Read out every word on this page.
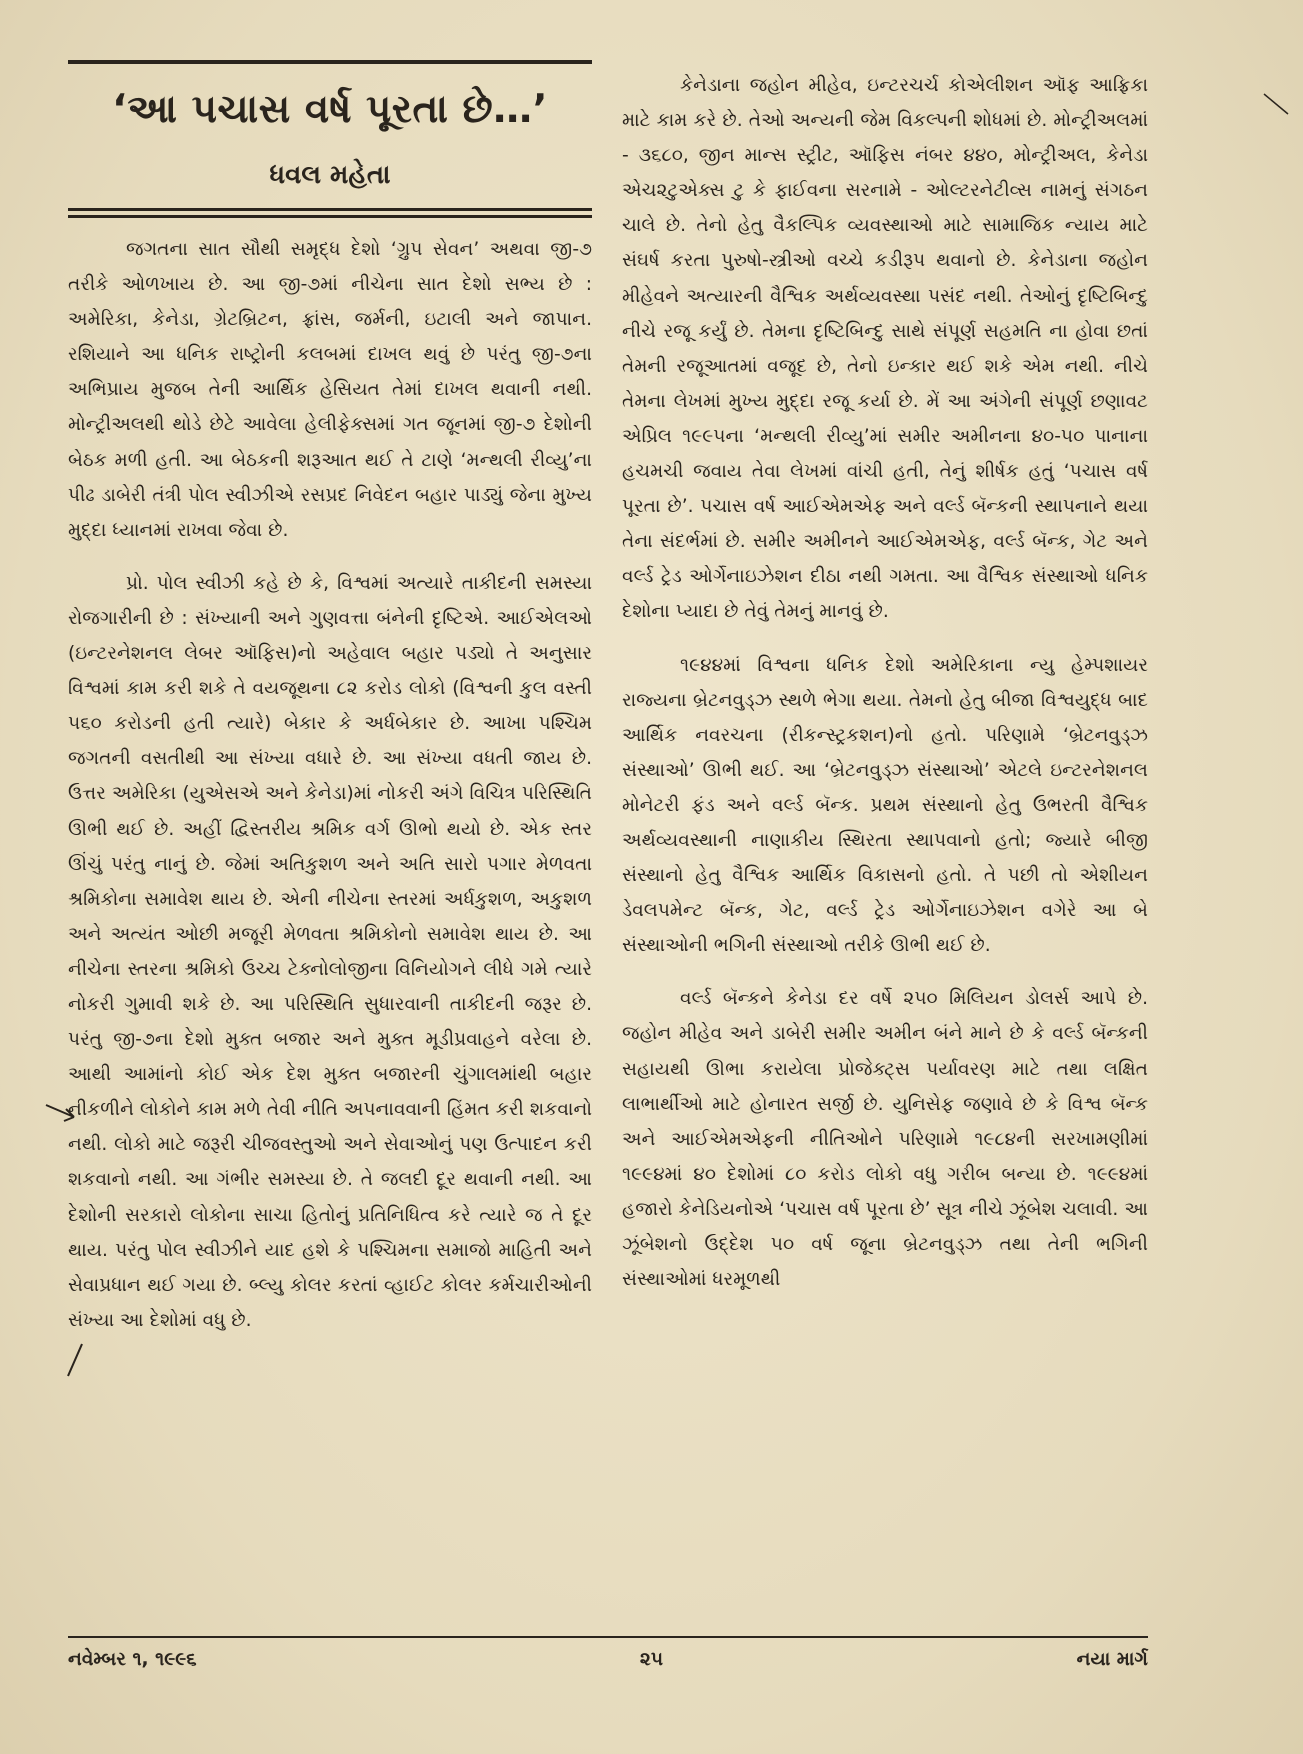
‘આ પચાસ વર્ષ પૂરતા છે…’
ધવલ મહેતા

જગતના સાત સૌથી સમૃદ્ધ દેશો ‘ગ્રુપ સેવન’ અથવા જી-૭ તરીકે ઓળખાય છે. આ જી-૭માં નીચેના સાત દેશો સભ્ય છે : અમેરિકા, કેનેડા, ગ્રેટબ્રિટન, ફ્રાંસ, જર્મની, ઇટાલી અને જાપાન. રશિયાને આ ધનિક રાષ્ટ્રોની કલબમાં દાખલ થવું છે પરંતુ જી-૭ના અભિપ્રાય મુજબ તેની આર્થિક હેસિયત તેમાં દાખલ થવાની નથી. મોન્ટ્રીઅલથી થોડે છેટે આવેલા હેલીફેક્સમાં ગત જૂનમાં જી-૭ દેશોની બેઠક મળી હતી. આ બેઠકની શરૂઆત થઈ તે ટાણે ‘મન્થલી રીવ્યુ’ના પીઢ ડાબેરી તંત્રી પોલ સ્વીઝીએ રસપ્રદ નિવેદન બહાર પાડ્યું જેના મુખ્ય મુદ્દા ધ્યાનમાં રાખવા જેવા છે.

પ્રો. પોલ સ્વીઝી કહે છે કે, વિશ્વમાં અત્યારે તાકીદની સમસ્યા રોજગારીની છે : સંખ્યાની અને ગુણવત્તા બંનેની દૃષ્ટિએ. આઈએલઓ (ઇન્ટરનેશનલ લેબર ઑફિસ)નો અહેવાલ બહાર પડ્યો તે અનુસાર વિશ્વમાં કામ કરી શકે તે વયજૂથના ૮૨ કરોડ લોકો (વિશ્વની કુલ વસ્તી ૫૬૦ કરોડની હતી ત્યારે) બેકાર કે અર્ધબેકાર છે. આખા પશ્ચિમ જગતની વસતીથી આ સંખ્યા વધારે છે. આ સંખ્યા વધતી જાય છે. ઉત્તર અમેરિકા (યુએસએ અને કેનેડા)માં નોકરી અંગે વિચિત્ર પરિસ્થિતિ ઊભી થઈ છે. અહીં દ્વિસ્તરીય શ્રમિક વર્ગ ઊભો થયો છે. એક સ્તર ઊંચું પરંતુ નાનું છે. જેમાં અતિકુશળ અને અતિ સારો પગાર મેળવતા શ્રમિકોના સમાવેશ થાય છે. એની નીચેના સ્તરમાં અર્ધકુશળ, અકુશળ અને અત્યંત ઓછી મજૂરી મેળવતા શ્રમિકોનો સમાવેશ થાય છે. આ નીચેના સ્તરના શ્રમિકો ઉચ્ચ ટેક્નોલોજીના વિનિયોગને લીધે ગમે ત્યારે નોકરી ગુમાવી શકે છે. આ પરિસ્થિતિ સુધારવાની તાકીદની જરૂર છે. પરંતુ જી-૭ના દેશો મુક્ત બજાર અને મુક્ત મૂડીપ્રવાહને વરેલા છે. આથી આમાંનો કોઈ એક દેશ મુક્ત બજારની ચુંગાલમાંથી બહાર નીકળીને લોકોને કામ મળે તેવી નીતિ અપનાવવાની હિંમત કરી શકવાનો નથી. લોકો માટે જરૂરી ચીજવસ્તુઓ અને સેવાઓનું પણ ઉત્પાદન કરી શકવાનો નથી. આ ગંભીર સમસ્યા છે. તે જલદી દૂર થવાની નથી. આ દેશોની સરકારો લોકોના સાચા હિતોનું પ્રતિનિધિત્વ કરે ત્યારે જ તે દૂર થાય. પરંતુ પોલ સ્વીઝીને યાદ હશે કે પશ્ચિમના સમાજો માહિતી અને સેવાપ્રધાન થઈ ગયા છે. બ્લ્યુ કોલર કરતાં વ્હાઈટ કોલર કર્મચારીઓની સંખ્યા આ દેશોમાં વધુ છે.

કેનેડાના જહોન મીહેવ, ઇન્ટરચર્ચ કોએલીશન ઑફ આફ્રિકા માટે કામ કરે છે. તેઓ અન્યની જેમ વિકલ્પની શોધમાં છે. મોન્ટ્રીઅલમાં - ૩૬૮૦, જીન માન્સ સ્ટ્રીટ, ઑફિસ નંબર ૪૪૦, મોન્ટ્રીઅલ, કેનેડા એચ૨ટુએક્સ ટુ કે ફાઈવના સરનામે - ઓલ્ટરનેટીવ્સ નામનું સંગઠન ચાલે છે. તેનો હેતુ વૈકલ્પિક વ્યવસ્થાઓ માટે સામાજિક ન્યાય માટે સંઘર્ષ કરતા પુરુષો-સ્ત્રીઓ વચ્ચે કડીરૂપ થવાનો છે. કેનેડાના જહોન મીહેવને અત્યારની વૈશ્વિક અર્થવ્યવસ્થા પસંદ નથી. તેઓનું દૃષ્ટિબિન્દુ નીચે રજૂ કર્યું છે. તેમના દૃષ્ટિબિન્દુ સાથે સંપૂર્ણ સહમતિ ના હોવા છતાં તેમની રજૂઆતમાં વજૂદ છે, તેનો ઇન્કાર થઈ શકે એમ નથી. નીચે તેમના લેખમાં મુખ્ય મુદ્દા રજૂ કર્યા છે. મેં આ અંગેની સંપૂર્ણ છણાવટ એપ્રિલ ૧૯૯૫ના ‘મન્થલી રીવ્યુ’માં સમીર અમીનના ૪૦-૫૦ પાનાના હચમચી જવાય તેવા લેખમાં વાંચી હતી, તેનું શીર્ષક હતું ‘પચાસ વર્ષ પૂરતા છે’. પચાસ વર્ષ આઈએમએફ અને વર્લ્ડ બૅન્કની સ્થાપનાને થયા તેના સંદર્ભમાં છે. સમીર અમીનને આઈએમએફ, વર્લ્ડ બૅન્ક, ગેટ અને વર્લ્ડ ટ્રેડ ઓર્ગેનાઇઝેશન દીઠા નથી ગમતા. આ વૈશ્વિક સંસ્થાઓ ધનિક દેશોના પ્યાદા છે તેવું તેમનું માનવું છે.

૧૯૪૪માં વિશ્વના ધનિક દેશો અમેરિકાના ન્યુ હેમ્પશાયર રાજ્યના બ્રેટનવુડ્ઝ સ્થળે ભેગા થયા. તેમનો હેતુ બીજા વિશ્વયુદ્ધ બાદ આર્થિક નવરચના (રીકન્સ્ટ્રકશન)નો હતો. પરિણામે ‘બ્રેટનવુડ્ઝ સંસ્થાઓ’ ઊભી થઈ. આ ‘બ્રેટનવુડ્ઝ સંસ્થાઓ’ એટલે ઇન્ટરનેશનલ મોનેટરી ફંડ અને વર્લ્ડ બૅન્ક. પ્રથમ સંસ્થાનો હેતુ ઉભરતી વૈશ્વિક અર્થવ્યવસ્થાની નાણાકીય સ્થિરતા સ્થાપવાનો હતો; જ્યારે બીજી સંસ્થાનો હેતુ વૈશ્વિક આર્થિક વિકાસનો હતો. તે પછી તો એશીયન ડેવલપમેન્ટ બૅન્ક, ગેટ, વર્લ્ડ ટ્રેડ ઓર્ગેનાઇઝેશન વગેરે આ બે સંસ્થાઓની ભગિની સંસ્થાઓ તરીકે ઊભી થઈ છે.

વર્લ્ડ બૅન્કને કેનેડા દર વર્ષે ૨૫૦ મિલિયન ડોલર્સ આપે છે. જહોન મીહેવ અને ડાબેરી સમીર અમીન બંને માને છે કે વર્લ્ડ બૅન્કની સહાયથી ઊભા કરાયેલા પ્રોજેક્ટ્સ પર્યાવરણ માટે તથા લક્ષિત લાભાર્થીઓ માટે હોનારત સર્જી છે. યુનિસેફ જણાવે છે કે વિશ્વ બૅન્ક અને આઈએમએફની નીતિઓને પરિણામે ૧૯૮૪ની સરખામણીમાં ૧૯૯૪માં ૪૦ દેશોમાં ૮૦ કરોડ લોકો વધુ ગરીબ બન્યા છે. ૧૯૯૪માં હજારો કેનેડિયનોએ ‘પચાસ વર્ષ પૂરતા છે’ સૂત્ર નીચે ઝૂંબેશ ચલાવી. આ ઝૂંબેશનો ઉદ્દેશ ૫૦ વર્ષ જૂના બ્રેટનવુડ્ઝ તથા તેની ભગિની સંસ્થાઓમાં ધરમૂળથી

નવેમ્બર ૧, ૧૯૯૬	૨૫	નયા માર્ગ
